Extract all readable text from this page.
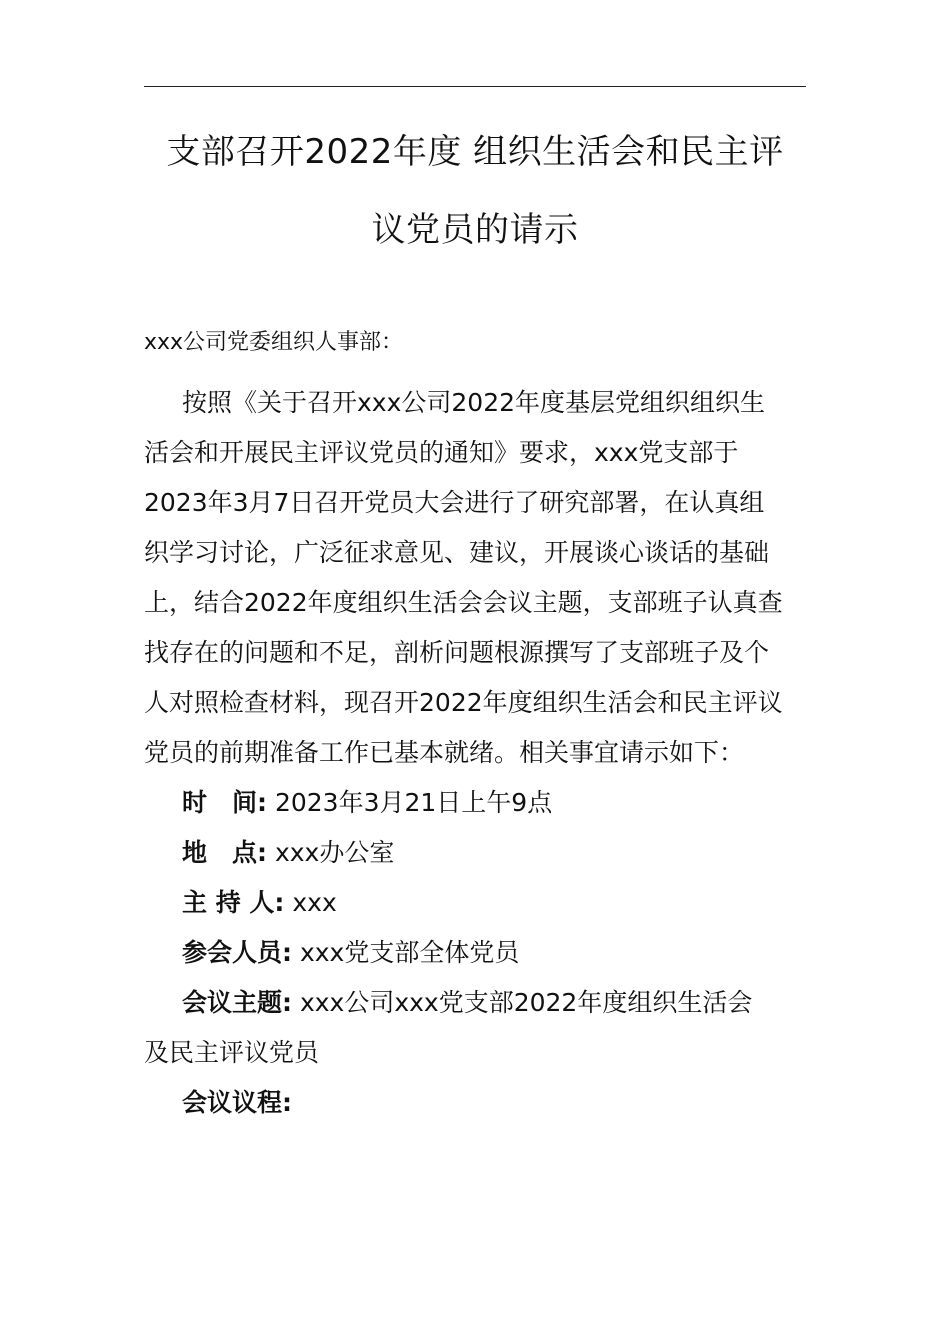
支部召开2022年度 组织生活会和民主评
议党员的请示
xxx公司党委组织人事部：
按照《关于召开xxx公司2022年度基层党组织组织生
活会和开展民主评议党员的通知》要求，xxx党支部于
2023年3月7日召开党员大会进行了研究部署，在认真组
织学习讨论，广泛征求意见、建议，开展谈心谈话的基础
上，结合2022年度组织生活会会议主题，支部班子认真查
找存在的问题和不足，剖析问题根源撰写了支部班子及个
人对照检查材料，现召开2022年度组织生活会和民主评议
党员的前期准备工作已基本就绪。相关事宜请示如下：
时　间: 2023年3月21日上午9点
地　点: xxx办公室
主 持 人: xxx
参会人员: xxx党支部全体党员
会议主题: xxx公司xxx党支部2022年度组织生活会
及民主评议党员
会议议程:
